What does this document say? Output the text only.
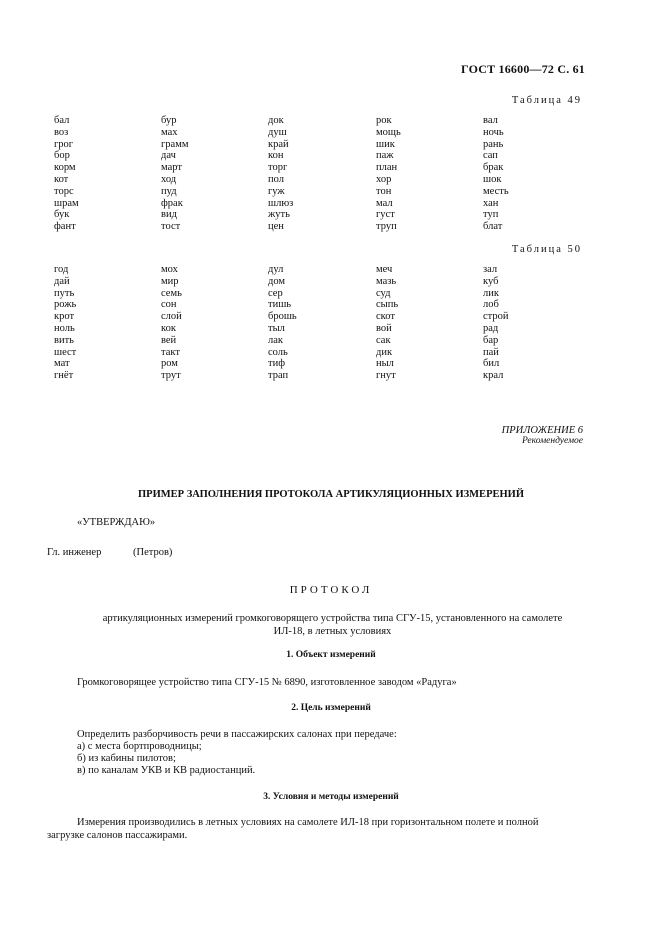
ГОСТ 16600—72 С. 61
Таблица 49
бал	бур	док	рок	вал
воз	мах	душ	мощь	ночь
грог	грамм	край	шик	рань
бор	дач	кон	паж	сап
корм	март	торг	план	брак
кот	ход	пол	хор	шок
торс	пуд	гуж	тон	месть
шрам	фрак	шлюз	мал	хан
бук	вид	жуть	густ	туп
фант	тост	цен	труп	блат
Таблица 50
год	мох	дул	меч	зал
дай	мир	дом	мазь	куб
путь	семь	сер	суд	лик
рожь	сон	тишь	сыпь	лоб
крот	слой	брошь	скот	строй
ноль	кок	тыл	вой	рад
вить	вей	лак	сак	бар
шест	такт	соль	дик	пай
мат	ром	тиф	ныл	бил
гнёт	трут	трап	гнут	крал
ПРИЛОЖЕНИЕ 6
Рекомендуемое
ПРИМЕР ЗАПОЛНЕНИЯ ПРОТОКОЛА АРТИКУЛЯЦИОННЫХ ИЗМЕРЕНИЙ
«УТВЕРЖДАЮ»
Гл. инженер	(Петров)
ПРОТОКОЛ
артикуляционных измерений громкоговорящего устройства типа СГУ-15, установленного на самолете
ИЛ-18, в летных условиях
1. Объект измерений
Громкоговорящее устройство типа СГУ-15 № 6890, изготовленное заводом «Радуга»
2. Цель измерений
Определить разборчивость речи в пассажирских салонах при передаче:
а) с места бортпроводницы;
б) из кабины пилотов;
в) по каналам УКВ и КВ радиостанций.
3. Условия и методы измерений
Измерения производились в летных условиях на самолете ИЛ-18 при горизонтальном полете и полной
загрузке салонов пассажирами.
